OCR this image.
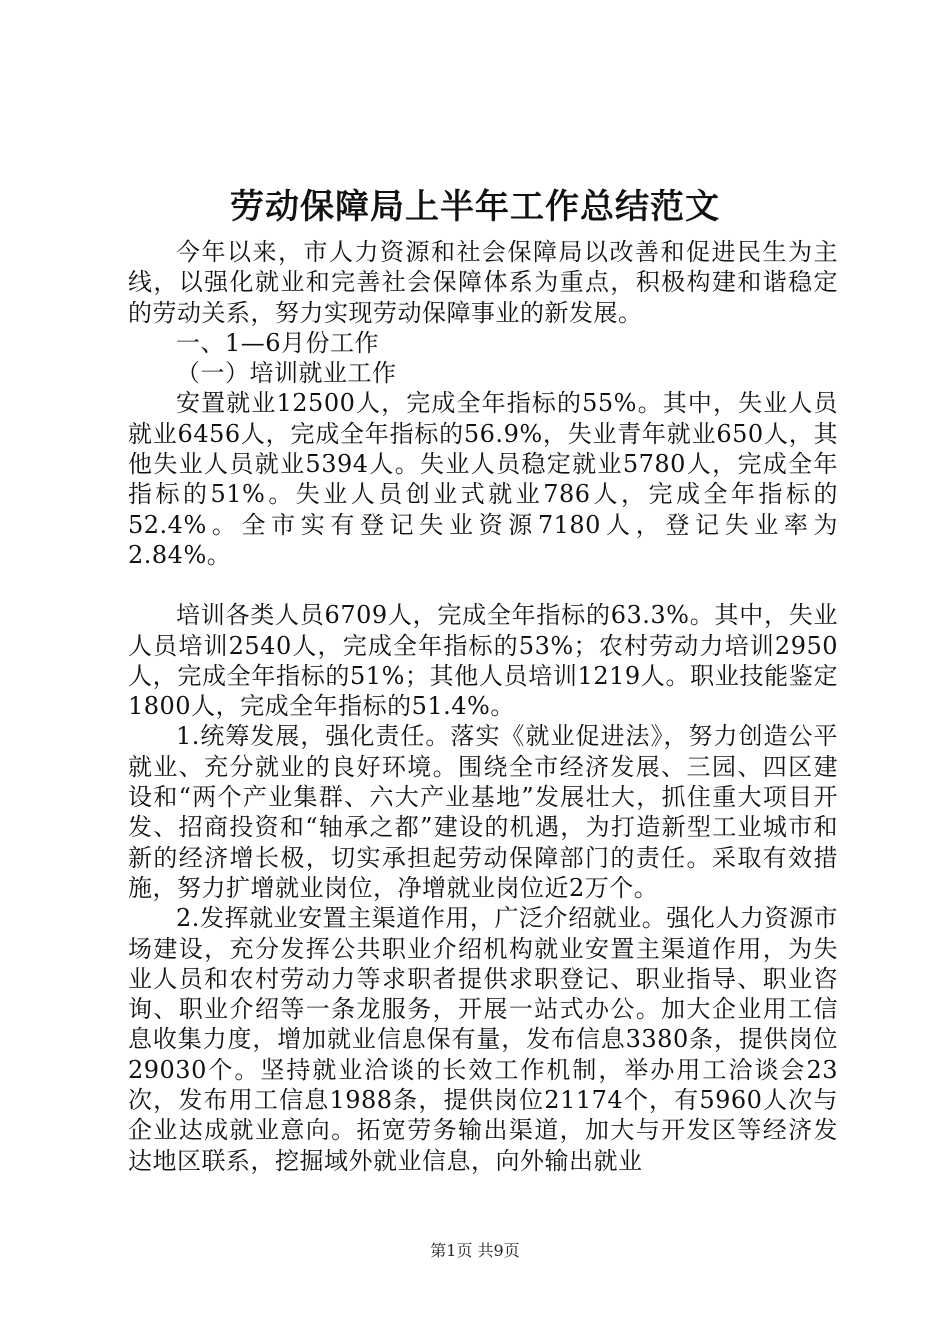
劳动保障局上半年工作总结范文

今年以来，市人力资源和社会保障局以改善和促进民生为主线，以强化就业和完善社会保障体系为重点，积极构建和谐稳定的劳动关系，努力实现劳动保障事业的新发展。

一、1—6月份工作

（一）培训就业工作

安置就业12500人，完成全年指标的55%。其中，失业人员就业6456人，完成全年指标的56.9%，失业青年就业650人，其他失业人员就业5394人。失业人员稳定就业5780人，完成全年指标的51%。失业人员创业式就业786人，完成全年指标的52.4%。全市实有登记失业资源7180人，登记失业率为2.84%。

培训各类人员6709人，完成全年指标的63.3%。其中，失业人员培训2540人，完成全年指标的53%；农村劳动力培训2950人，完成全年指标的51%；其他人员培训1219人。职业技能鉴定1800人，完成全年指标的51.4%。

1.统筹发展，强化责任。落实《就业促进法》，努力创造公平就业、充分就业的良好环境。围绕全市经济发展、三园、四区建设和“两个产业集群、六大产业基地”发展壮大，抓住重大项目开发、招商投资和“轴承之都”建设的机遇，为打造新型工业城市和新的经济增长极，切实承担起劳动保障部门的责任。采取有效措施，努力扩增就业岗位，净增就业岗位近2万个。

2.发挥就业安置主渠道作用，广泛介绍就业。强化人力资源市场建设，充分发挥公共职业介绍机构就业安置主渠道作用，为失业人员和农村劳动力等求职者提供求职登记、职业指导、职业咨询、职业介绍等一条龙服务，开展一站式办公。加大企业用工信息收集力度，增加就业信息保有量，发布信息3380条，提供岗位29030个。坚持就业洽谈的长效工作机制，举办用工洽谈会23次，发布用工信息1988条，提供岗位21174个，有5960人次与企业达成就业意向。拓宽劳务输出渠道，加大与开发区等经济发达地区联系，挖掘域外就业信息，向外输出就业

第1页 共9页
